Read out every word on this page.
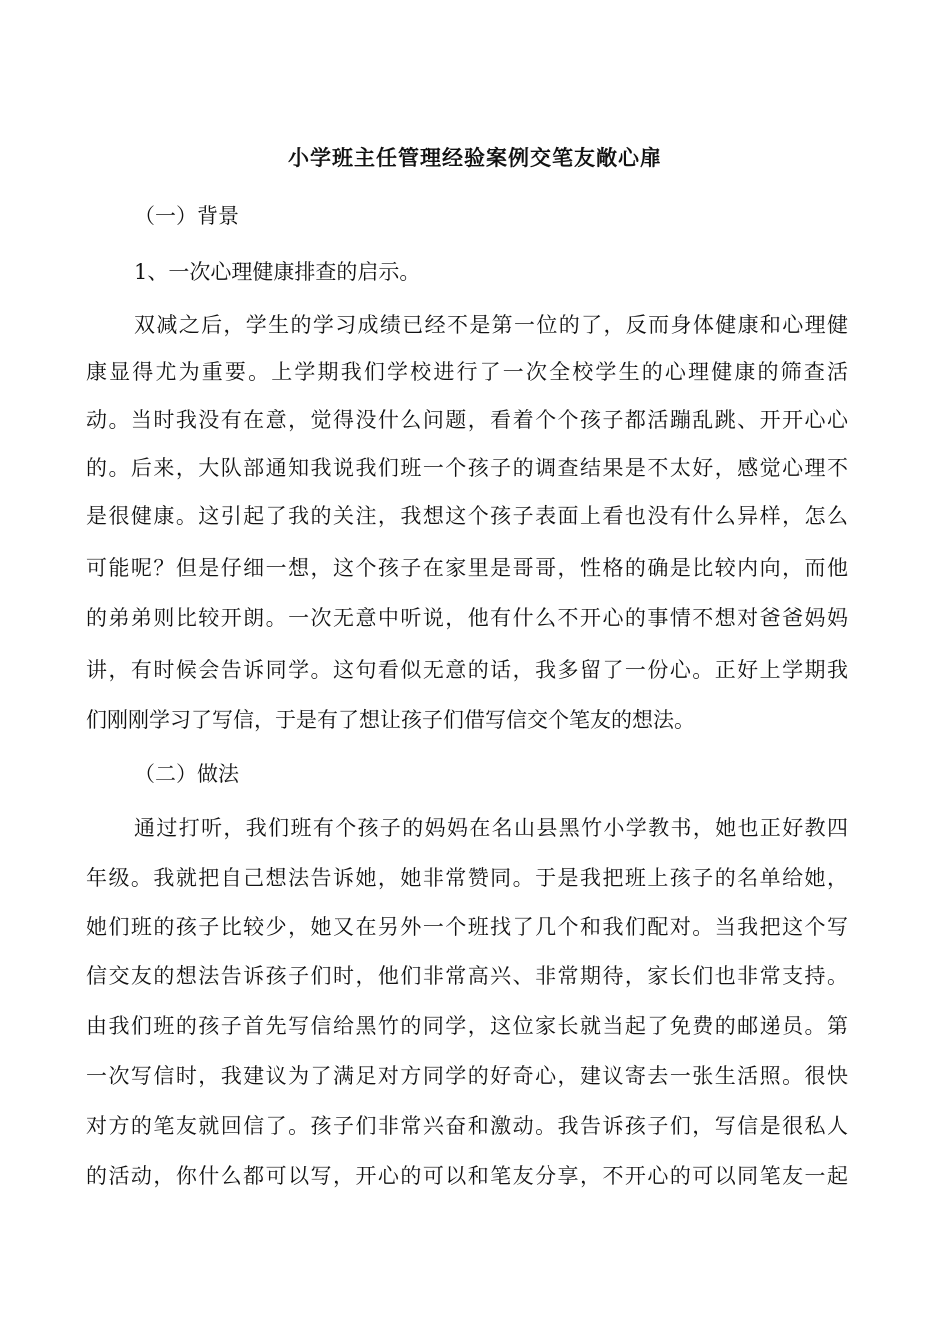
小学班主任管理经验案例交笔友敞心扉
（一）背景
1、一次心理健康排查的启示。
双减之后，学生的学习成绩已经不是第一位的了，反而身体健康和心理健
康显得尤为重要。上学期我们学校进行了一次全校学生的心理健康的筛查活
动。当时我没有在意，觉得没什么问题，看着个个孩子都活蹦乱跳、开开心心
的。后来，大队部通知我说我们班一个孩子的调查结果是不太好，感觉心理不
是很健康。这引起了我的关注，我想这个孩子表面上看也没有什么异样，怎么
可能呢？但是仔细一想，这个孩子在家里是哥哥，性格的确是比较内向，而他
的弟弟则比较开朗。一次无意中听说，他有什么不开心的事情不想对爸爸妈妈
讲，有时候会告诉同学。这句看似无意的话，我多留了一份心。正好上学期我
们刚刚学习了写信，于是有了想让孩子们借写信交个笔友的想法。
（二）做法
通过打听，我们班有个孩子的妈妈在名山县黑竹小学教书，她也正好教四
年级。我就把自己想法告诉她，她非常赞同。于是我把班上孩子的名单给她，
她们班的孩子比较少，她又在另外一个班找了几个和我们配对。当我把这个写
信交友的想法告诉孩子们时，他们非常高兴、非常期待，家长们也非常支持。
由我们班的孩子首先写信给黑竹的同学，这位家长就当起了免费的邮递员。第
一次写信时，我建议为了满足对方同学的好奇心，建议寄去一张生活照。很快
对方的笔友就回信了。孩子们非常兴奋和激动。我告诉孩子们，写信是很私人
的活动，你什么都可以写，开心的可以和笔友分享，不开心的可以同笔友一起
